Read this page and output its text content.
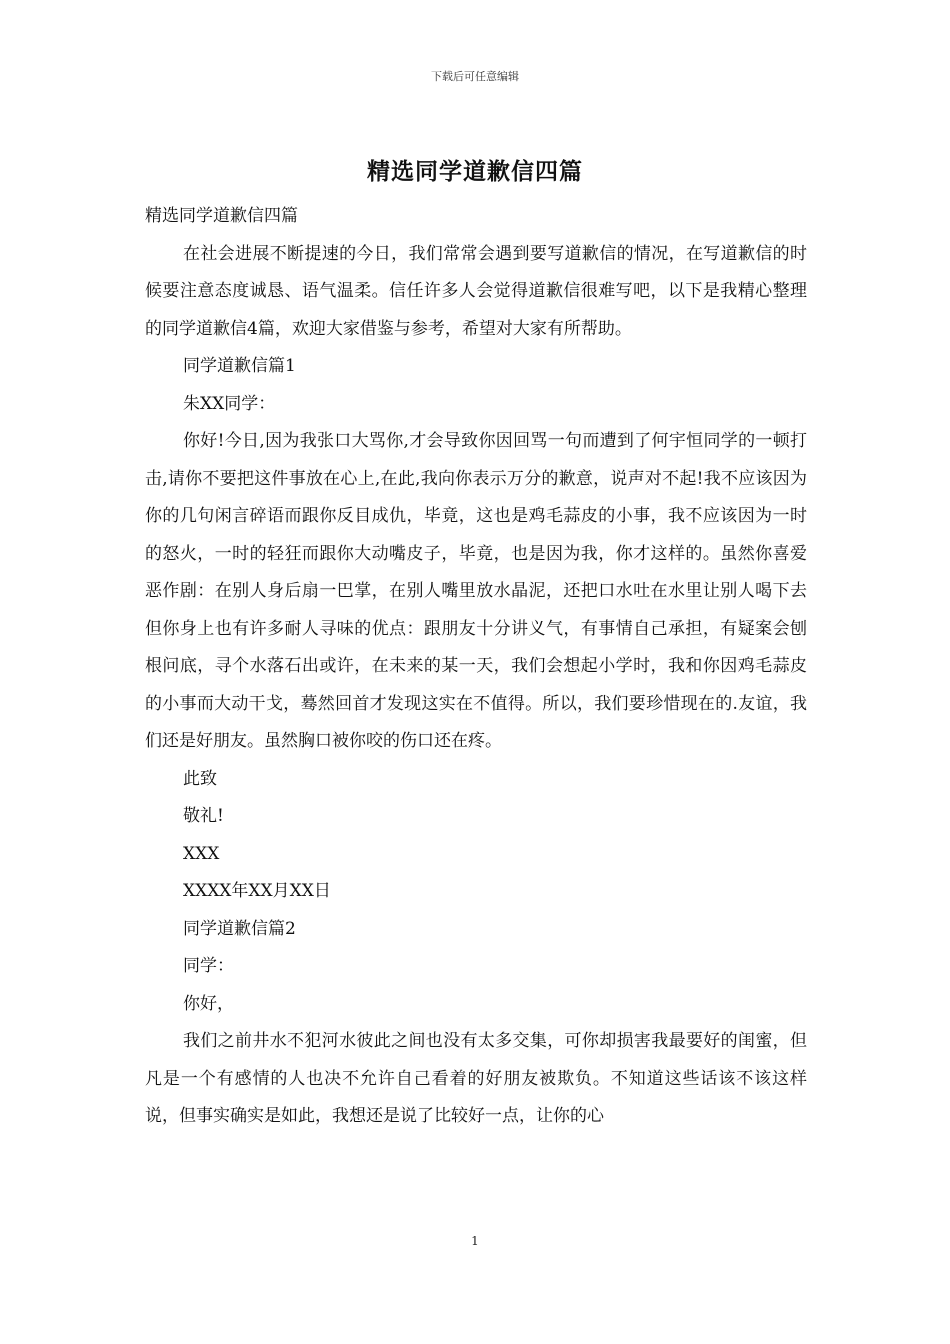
下载后可任意编辑
精选同学道歉信四篇

精选同学道歉信四篇

在社会进展不断提速的今日，我们常常会遇到要写道歉信的情况，在写道歉信的时候要注意态度诚恳、语气温柔。信任许多人会觉得道歉信很难写吧，以下是我精心整理的同学道歉信4篇，欢迎大家借鉴与参考，希望对大家有所帮助。

同学道歉信篇1

朱XX同学：

你好!今日,因为我张口大骂你,才会导致你因回骂一句而遭到了何宇恒同学的一顿打击,请你不要把这件事放在心上,在此,我向你表示万分的歉意，说声对不起!我不应该因为你的几句闲言碎语而跟你反目成仇，毕竟，这也是鸡毛蒜皮的小事，我不应该因为一时的怒火，一时的轻狂而跟你大动嘴皮子，毕竟，也是因为我，你才这样的。虽然你喜爱恶作剧：在别人身后扇一巴掌，在别人嘴里放水晶泥，还把口水吐在水里让别人喝下去但你身上也有许多耐人寻味的优点：跟朋友十分讲义气，有事情自己承担，有疑案会刨根问底，寻个水落石出或许，在未来的某一天，我们会想起小学时，我和你因鸡毛蒜皮的小事而大动干戈，蓦然回首才发现这实在不值得。所以，我们要珍惜现在的.友谊，我们还是好朋友。虽然胸口被你咬的伤口还在疼。

此致

敬礼!

XXX

XXXX年XX月XX日

同学道歉信篇2

同学：

你好，

我们之前井水不犯河水彼此之间也没有太多交集，可你却损害我最要好的闺蜜，但凡是一个有感情的人也决不允许自己看着的好朋友被欺负。不知道这些话该不该这样说，但事实确实是如此，我想还是说了比较好一点，让你的心

1
